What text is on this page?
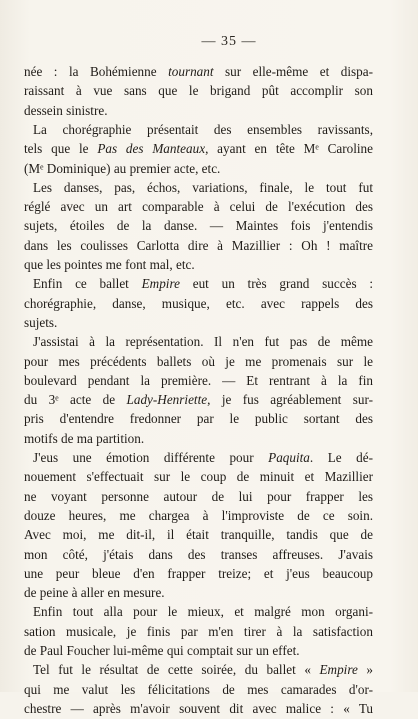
— 35 —
née : la Bohémienne tournant sur elle-même et dispa-
raissant à vue sans que le brigand pût accomplir son
dessein sinistre.
La chorégraphie présentait des ensembles ravissants,
tels que le Pas des Manteaux, ayant en tête Mᵉ Caroline
(Mᵉ Dominique) au premier acte, etc.
Les danses, pas, échos, variations, finale, le tout fut
réglé avec un art comparable à celui de l'exécution des
sujets, étoiles de la danse. — Maintes fois j'entendis
dans les coulisses Carlotta dire à Mazillier : Oh ! maître
que les pointes me font mal, etc.
Enfin ce ballet Empire eut un très grand succès :
chorégraphie, danse, musique, etc. avec rappels des
sujets.
J'assistai à la représentation. Il n'en fut pas de même
pour mes précédents ballets où je me promenais sur le
boulevard pendant la première. — Et rentrant à la fin
du 3ᵉ acte de Lady-Henriette, je fus agréablement sur-
pris d'entendre fredonner par le public sortant des
motifs de ma partition.
J'eus une émotion différente pour Paquita. Le dé-
nouement s'effectuait sur le coup de minuit et Mazillier
ne voyant personne autour de lui pour frapper les
douze heures, me chargea à l'improviste de ce soin.
Avec moi, me dit-il, il était tranquille, tandis que de
mon côté, j'étais dans des transes affreuses. J'avais
une peur bleue d'en frapper treize; et j'eus beaucoup
de peine à aller en mesure.
Enfin tout alla pour le mieux, et malgré mon organi-
sation musicale, je finis par m'en tirer à la satisfaction
de Paul Foucher lui-même qui comptait sur un effet.
Tel fut le résultat de cette soirée, du ballet « Empire »
qui me valut les félicitations de mes camarades d'or-
chestre — après m'avoir souvent dit avec malice : « Tu
